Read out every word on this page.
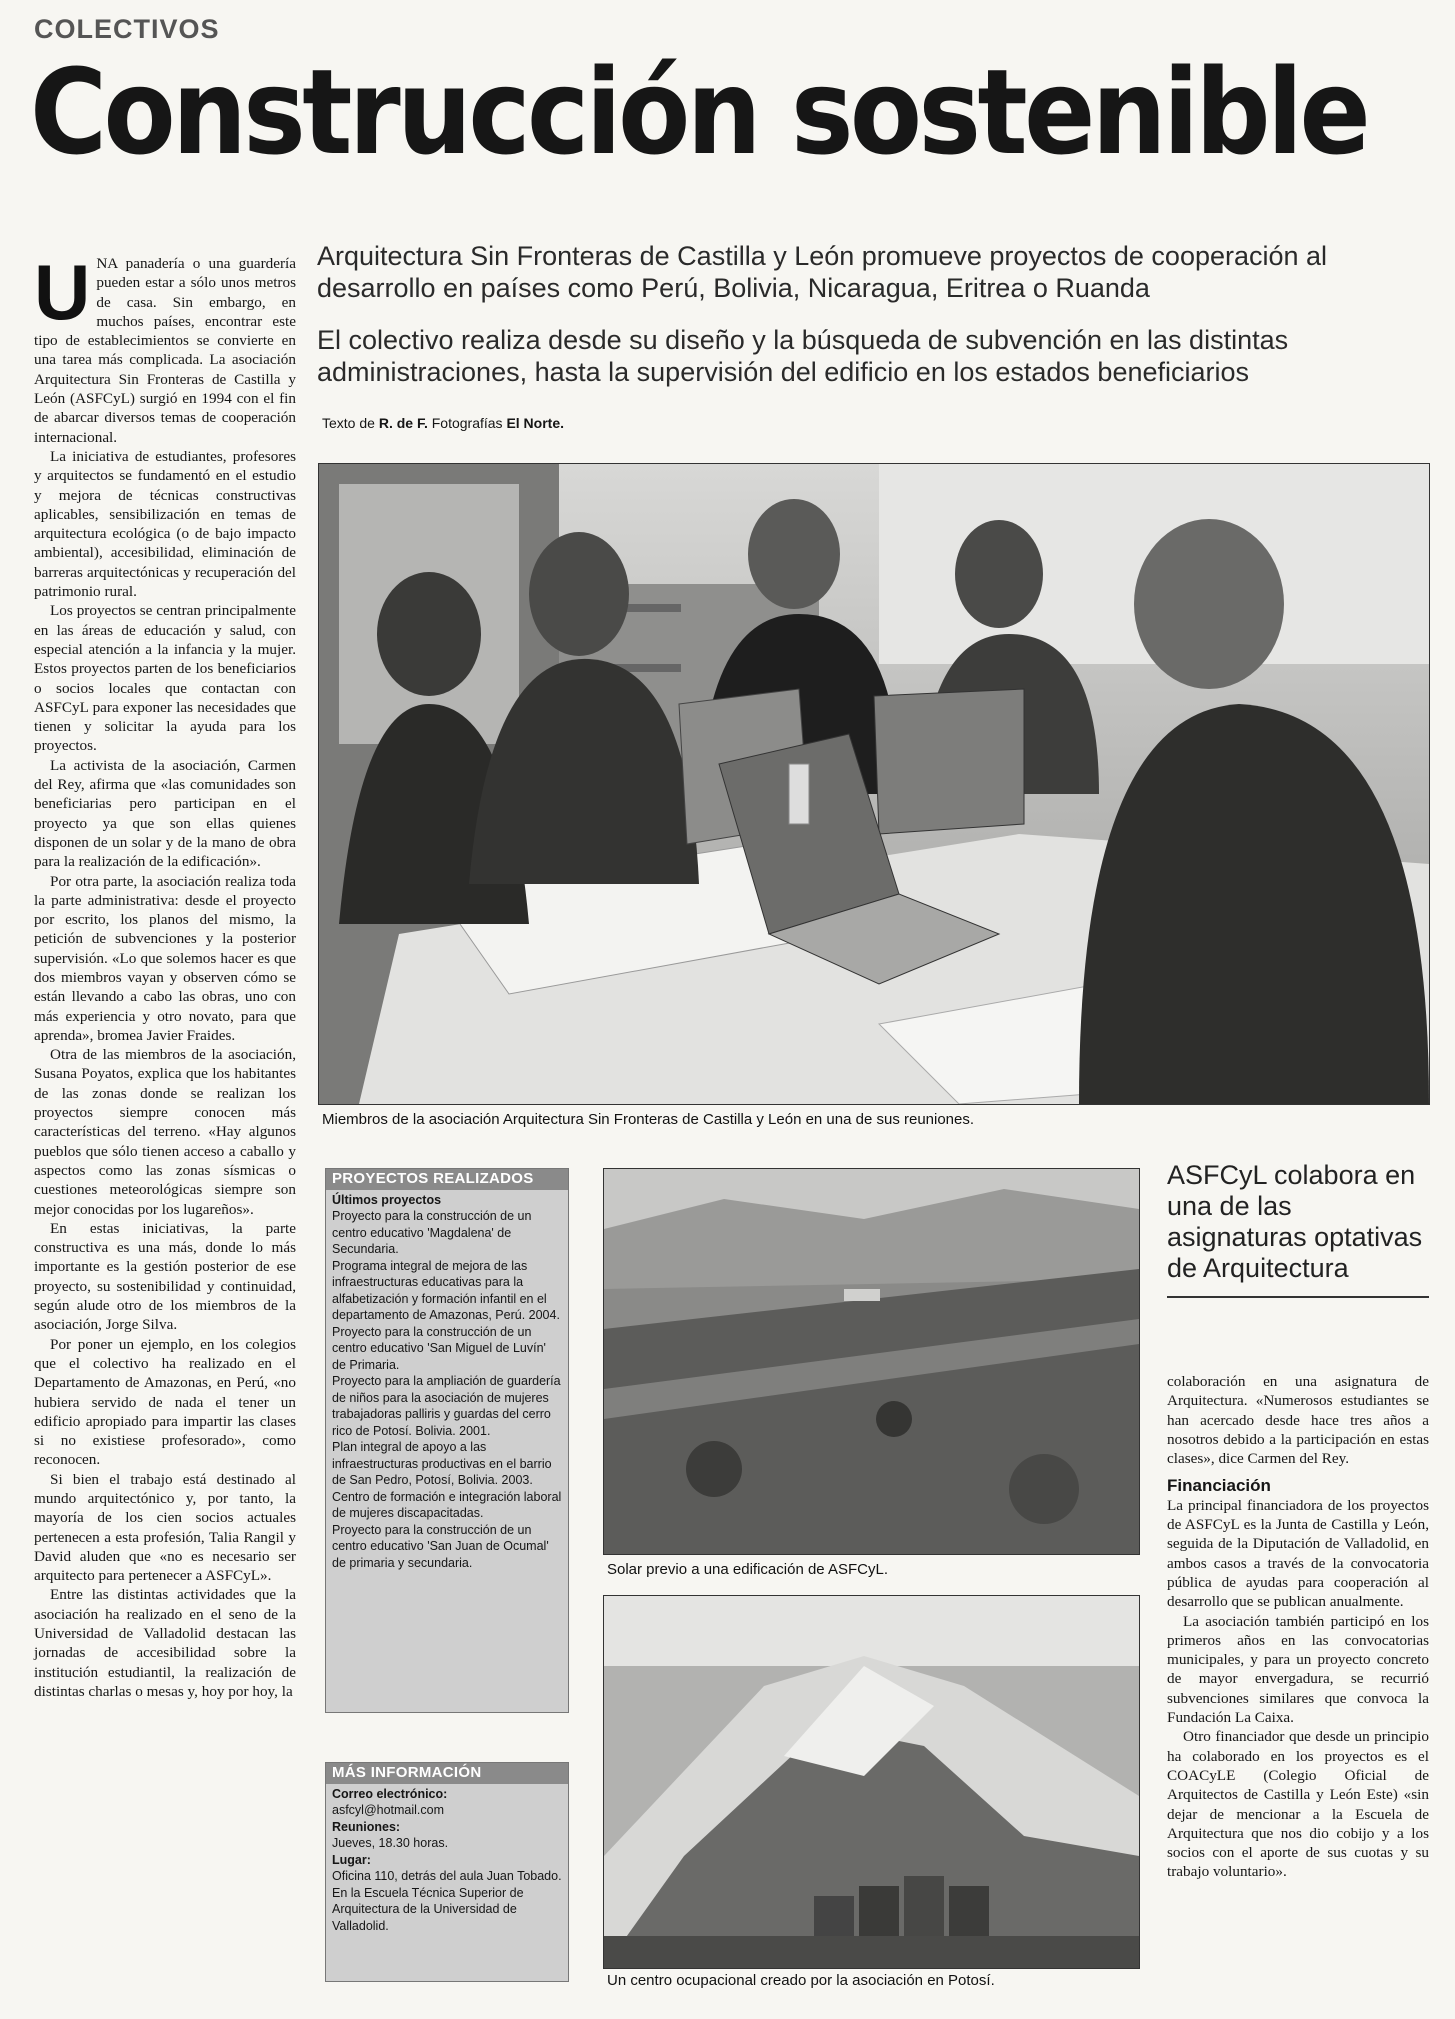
COLECTIVOS
Construcción sostenible
Arquitectura Sin Fronteras de Castilla y León promueve proyectos de cooperación al desarrollo en países como Perú, Bolivia, Nicaragua, Eritrea o Ruanda
El colectivo realiza desde su diseño y la búsqueda de subvención en las distintas administraciones, hasta la supervisión del edificio en los estados beneficiarios
Texto de R. de F. Fotografías El Norte.

UNA panadería o una guardería pueden estar a sólo unos metros de casa. Sin embargo, en muchos países, encontrar este tipo de establecimientos se convierte en una tarea más complicada. La asociación Arquitectura Sin Fronteras de Castilla y León (ASFCyL) surgió en 1994 con el fin de abarcar diversos temas de cooperación internacional.

La iniciativa de estudiantes, profesores y arquitectos se fundamentó en el estudio y mejora de técnicas constructivas aplicables, sensibilización en temas de arquitectura ecológica (o de bajo impacto ambiental), accesibilidad, eliminación de barreras arquitectónicas y recuperación del patrimonio rural.

Los proyectos se centran principalmente en las áreas de educación y salud, con especial atención a la infancia y la mujer. Estos proyectos parten de los beneficiarios o socios locales que contactan con ASFCyL para exponer las necesidades que tienen y solicitar la ayuda para los proyectos.

La activista de la asociación, Carmen del Rey, afirma que «las comunidades son beneficiarias pero participan en el proyecto ya que son ellas quienes disponen de un solar y de la mano de obra para la realización de la edificación».

Por otra parte, la asociación realiza toda la parte administrativa: desde el proyecto por escrito, los planos del mismo, la petición de subvenciones y la posterior supervisión. «Lo que solemos hacer es que dos miembros vayan y observen cómo se están llevando a cabo las obras, uno con más experiencia y otro novato, para que aprenda», bromea Javier Fraides.

Otra de las miembros de la asociación, Susana Poyatos, explica que los habitantes de las zonas donde se realizan los proyectos siempre conocen más características del terreno. «Hay algunos pueblos que sólo tienen acceso a caballo y aspectos como las zonas sísmicas o cuestiones meteorológicas siempre son mejor conocidas por los lugareños».

En estas iniciativas, la parte constructiva es una más, donde lo más importante es la gestión posterior de ese proyecto, su sostenibilidad y continuidad, según alude otro de los miembros de la asociación, Jorge Silva.

Por poner un ejemplo, en los colegios que el colectivo ha realizado en el Departamento de Amazonas, en Perú, «no hubiera servido de nada el tener un edificio apropiado para impartir las clases si no existiese profesorado», como reconocen.

Si bien el trabajo está destinado al mundo arquitectónico y, por tanto, la mayoría de los cien socios actuales pertenecen a esta profesión, Talia Rangil y David aluden que «no es necesario ser arquitecto para pertenecer a ASFCyL».

Entre las distintas actividades que la asociación ha realizado en el seno de la Universidad de Valladolid destacan las jornadas de accesibilidad sobre la institución estudiantil, la realización de distintas charlas o mesas y, hoy por hoy, la

Miembros de la asociación Arquitectura Sin Fronteras de Castilla y León en una de sus reuniones.
PROYECTOS REALIZADOS
Últimos proyectos
Proyecto para la construcción de un centro educativo 'Magdalena' de Secundaria.
Programa integral de mejora de las infraestructuras educativas para la alfabetización y formación infantil en el departamento de Amazonas, Perú. 2004.
Proyecto para la construcción de un centro educativo 'San Miguel de Luvín' de Primaria.
Proyecto para la ampliación de guardería de niños para la asociación de mujeres trabajadoras palliris y guardas del cerro rico de Potosí. Bolivia. 2001.
Plan integral de apoyo a las infraestructuras productivas en el barrio de San Pedro, Potosí, Bolivia. 2003.
Centro de formación e integración laboral de mujeres discapacitadas.
Proyecto para la construcción de un centro educativo 'San Juan de Ocumal' de primaria y secundaria.
MÁS INFORMACIÓN
Correo electrónico:
asfcyl@hotmail.com
Reuniones:
Jueves, 18.30 horas.
Lugar:
Oficina 110, detrás del aula Juan Tobado. En la Escuela Técnica Superior de Arquitectura de la Universidad de Valladolid.
Solar previo a una edificación de ASFCyL.
Un centro ocupacional creado por la asociación en Potosí.
ASFCyL colabora en una de las asignaturas optativas de Arquitectura

colaboración en una asignatura de Arquitectura. «Numerosos estudiantes se han acercado desde hace tres años a nosotros debido a la participación en estas clases», dice Carmen del Rey.

Financiación

La principal financiadora de los proyectos de ASFCyL es la Junta de Castilla y León, seguida de la Diputación de Valladolid, en ambos casos a través de la convocatoria pública de ayudas para cooperación al desarrollo que se publican anualmente.

La asociación también participó en los primeros años en las convocatorias municipales, y para un proyecto concreto de mayor envergadura, se recurrió subvenciones similares que convoca la Fundación La Caixa.

Otro financiador que desde un principio ha colaborado en los proyectos es el COACyLE (Colegio Oficial de Arquitectos de Castilla y León Este) «sin dejar de mencionar a la Escuela de Arquitectura que nos dio cobijo y a los socios con el aporte de sus cuotas y su trabajo voluntario».
